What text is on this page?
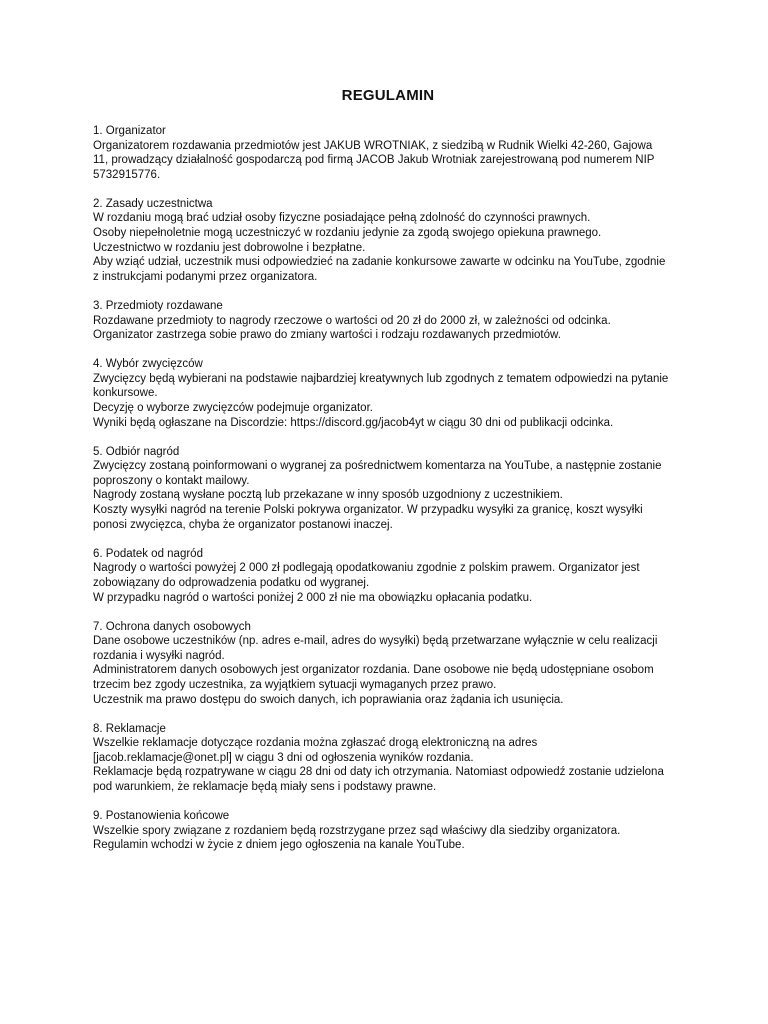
REGULAMIN

1. Organizator

Organizatorem rozdawania przedmiotów jest JAKUB WROTNIAK, z siedzibą w Rudnik Wielki 42-260, Gajowa
11, prowadzący działalność gospodarczą pod firmą JACOB Jakub Wrotniak zarejestrowaną pod numerem NIP
5732915776.

2. Zasady uczestnictwa

W rozdaniu mogą brać udział osoby fizyczne posiadające pełną zdolność do czynności prawnych.

Osoby niepełnoletnie mogą uczestniczyć w rozdaniu jedynie za zgodą swojego opiekuna prawnego.

Uczestnictwo w rozdaniu jest dobrowolne i bezpłatne.

Aby wziąć udział, uczestnik musi odpowiedzieć na zadanie konkursowe zawarte w odcinku na YouTube, zgodnie
z instrukcjami podanymi przez organizatora.

3. Przedmioty rozdawane

Rozdawane przedmioty to nagrody rzeczowe o wartości od 20 zł do 2000 zł, w zależności od odcinka.

Organizator zastrzega sobie prawo do zmiany wartości i rodzaju rozdawanych przedmiotów.

4. Wybór zwycięzców

Zwycięzcy będą wybierani na podstawie najbardziej kreatywnych lub zgodnych z tematem odpowiedzi na pytanie
konkursowe.

Decyzję o wyborze zwycięzców podejmuje organizator.

Wyniki będą ogłaszane na Discordzie: https://discord.gg/jacob4yt w ciągu 30 dni od publikacji odcinka.

5. Odbiór nagród

Zwycięzcy zostaną poinformowani o wygranej za pośrednictwem komentarza na YouTube, a następnie zostanie
poproszony o kontakt mailowy.

Nagrody zostaną wysłane pocztą lub przekazane w inny sposób uzgodniony z uczestnikiem.

Koszty wysyłki nagród na terenie Polski pokrywa organizator. W przypadku wysyłki za granicę, koszt wysyłki
ponosi zwycięzca, chyba że organizator postanowi inaczej.

6. Podatek od nagród

Nagrody o wartości powyżej 2 000 zł podlegają opodatkowaniu zgodnie z polskim prawem. Organizator jest
zobowiązany do odprowadzenia podatku od wygranej.

W przypadku nagród o wartości poniżej 2 000 zł nie ma obowiązku opłacania podatku.

7. Ochrona danych osobowych

Dane osobowe uczestników (np. adres e-mail, adres do wysyłki) będą przetwarzane wyłącznie w celu realizacji
rozdania i wysyłki nagród.

Administratorem danych osobowych jest organizator rozdania. Dane osobowe nie będą udostępniane osobom
trzecim bez zgody uczestnika, za wyjątkiem sytuacji wymaganych przez prawo.

Uczestnik ma prawo dostępu do swoich danych, ich poprawiania oraz żądania ich usunięcia.

8. Reklamacje

Wszelkie reklamacje dotyczące rozdania można zgłaszać drogą elektroniczną na adres
[jacob.reklamacje@onet.pl] w ciągu 3 dni od ogłoszenia wyników rozdania.

Reklamacje będą rozpatrywane w ciągu 28 dni od daty ich otrzymania. Natomiast odpowiedź zostanie udzielona
pod warunkiem, że reklamacje będą miały sens i podstawy prawne.

9. Postanowienia końcowe

Wszelkie spory związane z rozdaniem będą rozstrzygane przez sąd właściwy dla siedziby organizatora.

Regulamin wchodzi w życie z dniem jego ogłoszenia na kanale YouTube.
